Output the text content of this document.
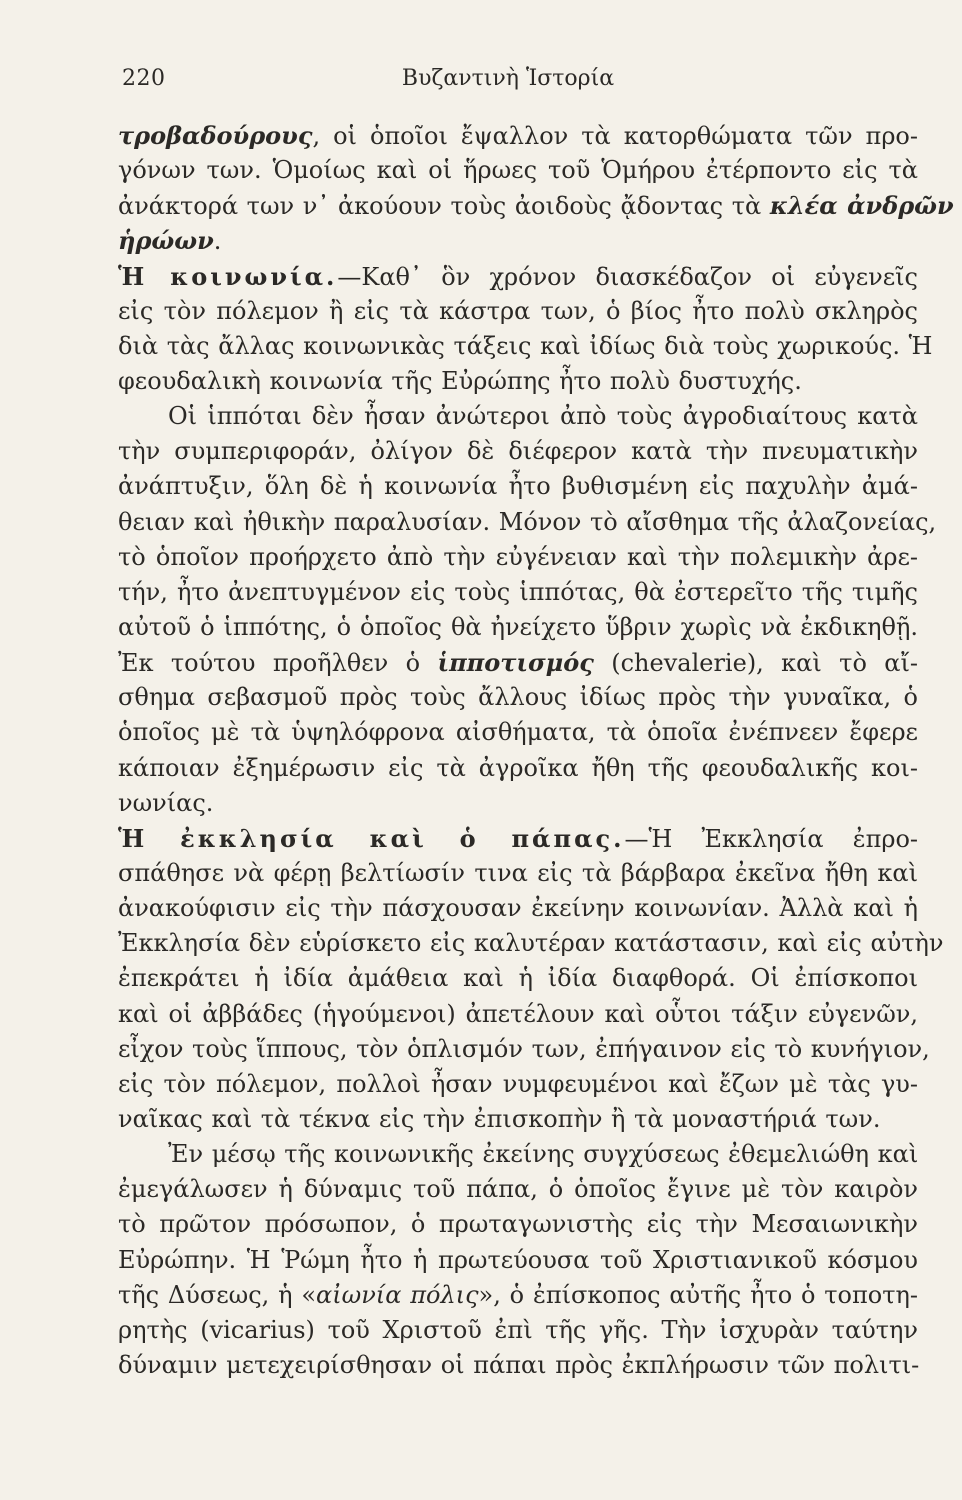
220	Βυζαντινὴ Ἱστορία
τροβαδούρους, οἱ ὁποῖοι ἔψαλλον τὰ κατορθώματα τῶν προ-
γόνων των. Ὁμοίως καὶ οἱ ἥρωες τοῦ Ὁμήρου ἐτέρποντο εἰς τὰ
ἀνάκτορά των ν᾽ ἀκούουν τοὺς ἀοιδοὺς ᾄδοντας τὰ κλέα ἀνδρῶν
ἡρώων.
Ἡ κοινωνία.—Καθ᾽ ὃν χρόνον διασκέδαζον οἱ εὐγενεῖς
εἰς τὸν πόλεμον ἢ εἰς τὰ κάστρα των, ὁ βίος ἦτο πολὺ σκληρὸς
διὰ τὰς ἄλλας κοινωνικὰς τάξεις καὶ ἰδίως διὰ τοὺς χωρικούς. Ἡ
φεουδαλικὴ κοινωνία τῆς Εὐρώπης ἦτο πολὺ δυστυχής.
Οἱ ἱππόται δὲν ἦσαν ἀνώτεροι ἀπὸ τοὺς ἀγροδιαίτους κατὰ
τὴν συμπεριφοράν, ὀλίγον δὲ διέφερον κατὰ τὴν πνευματικὴν
ἀνάπτυξιν, ὅλη δὲ ἡ κοινωνία ἦτο βυθισμένη εἰς παχυλὴν ἀμά-
θειαν καὶ ἠθικὴν παραλυσίαν. Μόνον τὸ αἴσθημα τῆς ἀλαζονείας,
τὸ ὁποῖον προήρχετο ἀπὸ τὴν εὐγένειαν καὶ τὴν πολεμικὴν ἀρε-
τήν, ἦτο ἀνεπτυγμένον εἰς τοὺς ἱππότας, θὰ ἐστερεῖτο τῆς τιμῆς
αὐτοῦ ὁ ἱππότης, ὁ ὁποῖος θὰ ἠνείχετο ὕβριν χωρὶς νὰ ἐκδικηθῇ.
Ἐκ τούτου προῆλθεν ὁ ἱπποτισμός (chevalerie), καὶ τὸ αἴ-
σθημα σεβασμοῦ πρὸς τοὺς ἄλλους ἰδίως πρὸς τὴν γυναῖκα, ὁ
ὁποῖος μὲ τὰ ὑψηλόφρονα αἰσθήματα, τὰ ὁποῖα ἐνέπνεεν ἔφερε
κάποιαν ἐξημέρωσιν εἰς τὰ ἀγροῖκα ἤθη τῆς φεουδαλικῆς κοι-
νωνίας.
Ἡ ἐκκλησία καὶ ὁ πάπας.—Ἡ Ἐκκλησία ἐπρο-
σπάθησε νὰ φέρῃ βελτίωσίν τινα εἰς τὰ βάρβαρα ἐκεῖνα ἤθη καὶ
ἀνακούφισιν εἰς τὴν πάσχουσαν ἐκείνην κοινωνίαν. Ἀλλὰ καὶ ἡ
Ἐκκλησία δὲν εὑρίσκετο εἰς καλυτέραν κατάστασιν, καὶ εἰς αὐτὴν
ἐπεκράτει ἡ ἰδία ἀμάθεια καὶ ἡ ἰδία διαφθορά. Οἱ ἐπίσκοποι
καὶ οἱ ἀββάδες (ἡγούμενοι) ἀπετέλουν καὶ οὗτοι τάξιν εὐγενῶν,
εἶχον τοὺς ἵππους, τὸν ὁπλισμόν των, ἐπήγαινον εἰς τὸ κυνήγιον,
εἰς τὸν πόλεμον, πολλοὶ ἦσαν νυμφευμένοι καὶ ἔζων μὲ τὰς γυ-
ναῖκας καὶ τὰ τέκνα εἰς τὴν ἐπισκοπὴν ἢ τὰ μοναστήριά των.
Ἐν μέσῳ τῆς κοινωνικῆς ἐκείνης συγχύσεως ἐθεμελιώθη καὶ
ἐμεγάλωσεν ἡ δύναμις τοῦ πάπα, ὁ ὁποῖος ἔγινε μὲ τὸν καιρὸν
τὸ πρῶτον πρόσωπον, ὁ πρωταγωνιστὴς εἰς τὴν Μεσαιωνικὴν
Εὐρώπην. Ἡ Ῥώμη ἦτο ἡ πρωτεύουσα τοῦ Χριστιανικοῦ κόσμου
τῆς Δύσεως, ἡ «αἰωνία πόλις», ὁ ἐπίσκοπος αὐτῆς ἦτο ὁ τοποτη-
ρητὴς (vicarius) τοῦ Χριστοῦ ἐπὶ τῆς γῆς. Τὴν ἰσχυρὰν ταύτην
δύναμιν μετεχειρίσθησαν οἱ πάπαι πρὸς ἐκπλήρωσιν τῶν πολιτι-
